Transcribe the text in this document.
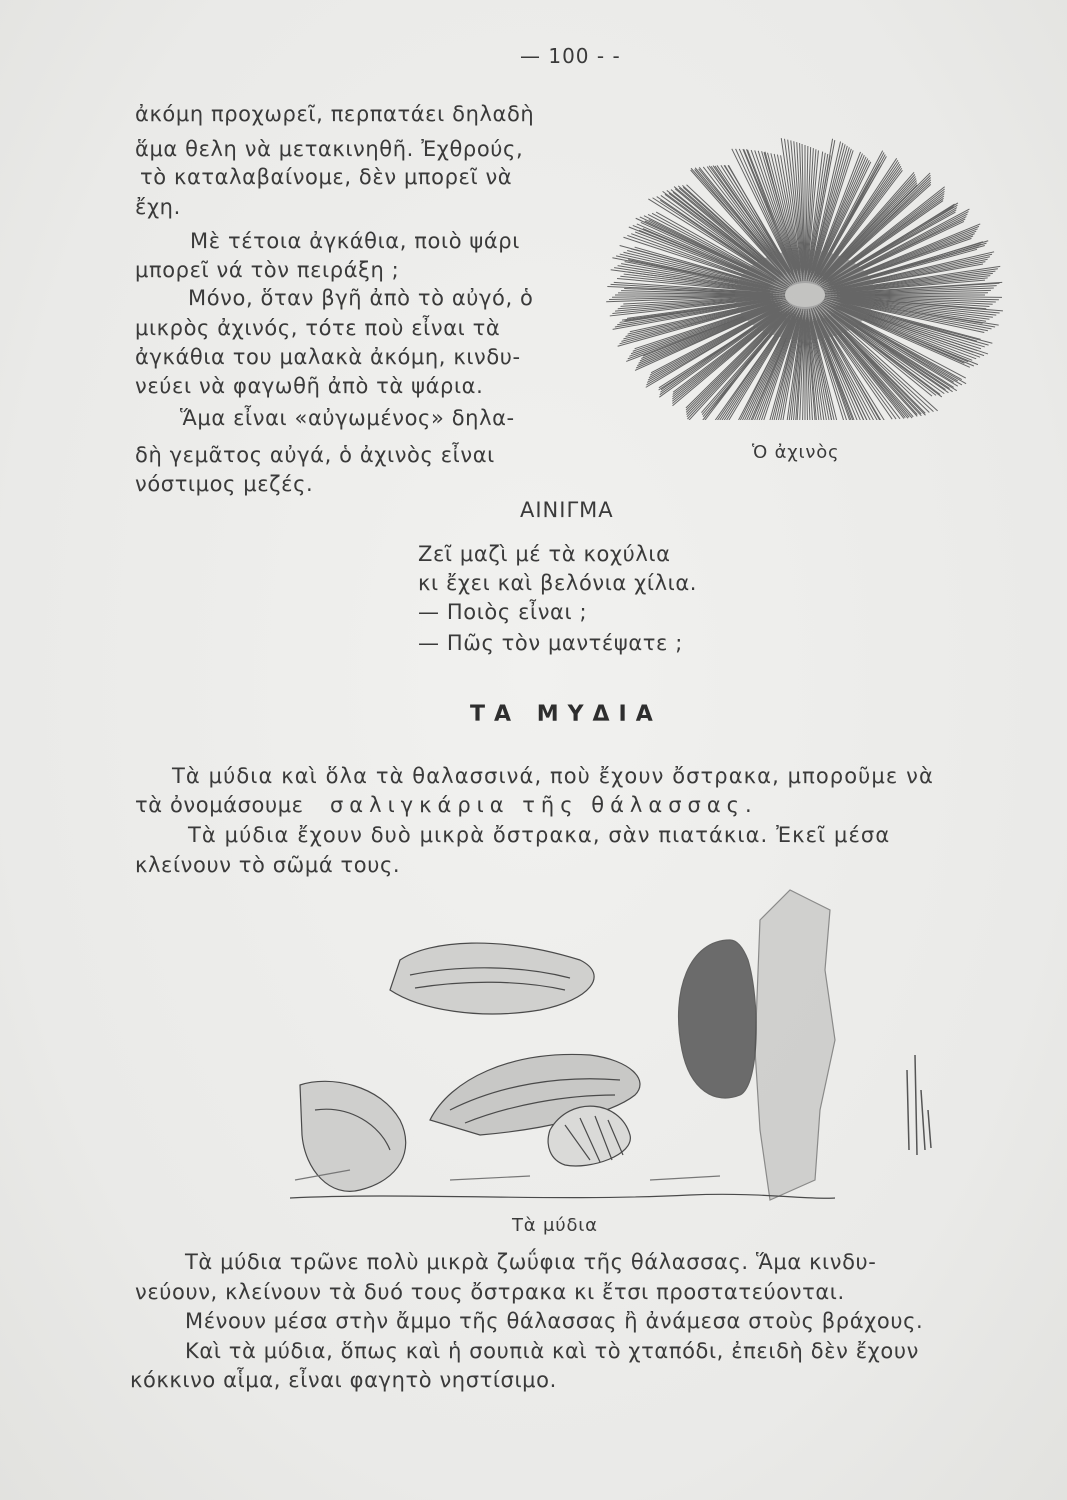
— 100 - -
ἀκόμη προχωρεῖ, περπατάει δηλαδὴ
ἅμα θελη νὰ μετακινηθῆ. Ἐχθρούς,
τὸ καταλαβαίνομε, δὲν μπορεῖ νὰ
ἔχη.
Μὲ τέτοια ἀγκάθια, ποιὸ ψάρι
μπορεῖ νά τὸν πειράξη ;
Μόνο, ὅταν βγῆ ἀπὸ τὸ αὐγό, ὁ
μικρὸς ἀχινός, τότε ποὺ εἶναι τὰ
ἀγκάθια του μαλακὰ ἀκόμη, κινδυ-
νεύει νὰ φαγωθῆ ἀπὸ τὰ ψάρια.
Ἅμα εἶναι «αὐγωμένος» δηλα-
δὴ γεμᾶτος αὐγά, ὁ ἀχινὸς εἶναι
νόστιμος μεζές.
Ὁ ἀχινὸς
ΑΙΝΙΓΜΑ
Ζεῖ μαζὶ μέ τὰ κοχύλια
κι ἔχει καὶ βελόνια χίλια.
— Ποιὸς εἶναι ;
— Πῶς τὸν μαντέψατε ;
ΤΑ ΜΥΔΙΑ
Τὰ μύδια καὶ ὅλα τὰ θαλασσινά, ποὺ ἔχουν ὄστρακα, μποροῦμε νὰ
τὰ ὀνομάσουμε σαλιγκάρια τῆς θάλασσας.
Τὰ μύδια ἔχουν δυὸ μικρὰ ὄστρακα, σὰν πιατάκια. Ἐκεῖ μέσα
κλείνουν τὸ σῶμά τους.
Τὰ μύδια
Τὰ μύδια τρῶνε πολὺ μικρὰ ζωΰφια τῆς θάλασσας. Ἅμα κινδυ-
νεύουν, κλείνουν τὰ δυό τους ὄστρακα κι ἔτσι προστατεύονται.
Μένουν μέσα στὴν ἄμμο τῆς θάλασσας ἢ ἀνάμεσα στοὺς βράχους.
Καὶ τὰ μύδια, ὅπως καὶ ἡ σουπιὰ καὶ τὸ χταπόδι, ἐπειδὴ δὲν ἔχουν
κόκκινο αἷμα, εἶναι φαγητὸ νηστίσιμο.
